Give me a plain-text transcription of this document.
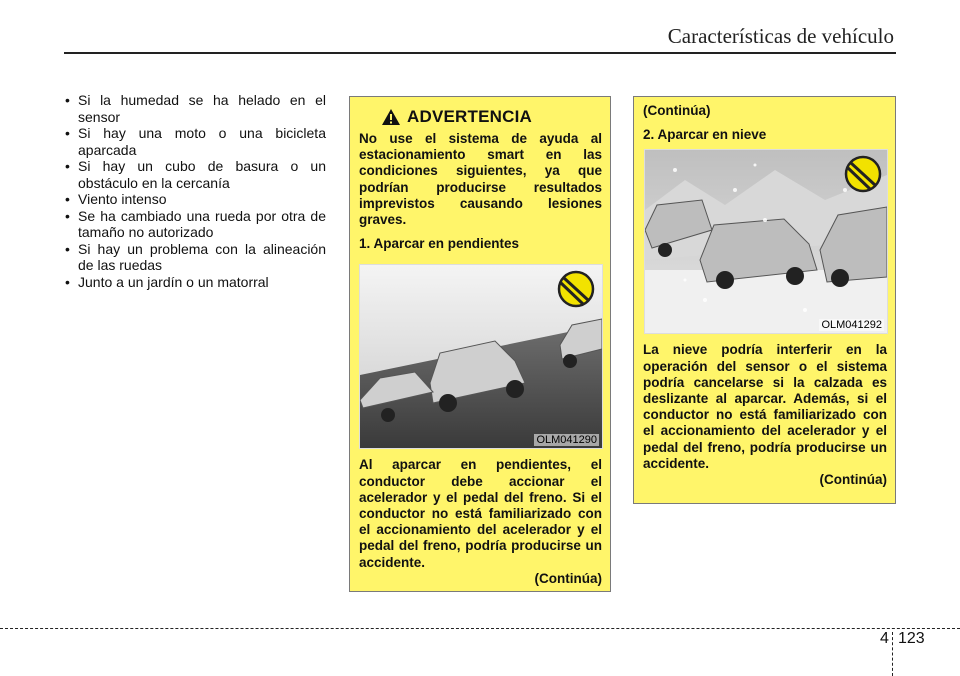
Características de vehículo
• Si la humedad se ha helado en el sensor
• Si hay una moto o una bicicleta aparcada
• Si hay un cubo de basura o un obstáculo en la cercanía
• Viento intenso
• Se ha cambiado una rueda por otra de tamaño no autorizado
• Si hay un problema con la alineación de las ruedas
• Junto a un jardín o un matorral
ADVERTENCIA

No use el sistema de ayuda al estacionamiento smart en las condiciones siguientes, ya que podrían producirse resultados imprevistos causando lesiones graves.

1. Aparcar en pendientes

OLM041290

Al aparcar en pendientes, el conductor debe accionar el acelerador y el pedal del freno. Si el conductor no está familiarizado con el accionamiento del acelerador y el pedal del freno, podría producirse un accidente.

(Continúa)

(Continúa)

2. Aparcar en nieve

OLM041292

La nieve podría interferir en la operación del sensor o el sistema podría cancelarse si la calzada es deslizante al aparcar. Además, si el conductor no está familiarizado con el accionamiento del acelerador y el pedal del freno, podría producirse un accidente.

(Continúa)

4 123
